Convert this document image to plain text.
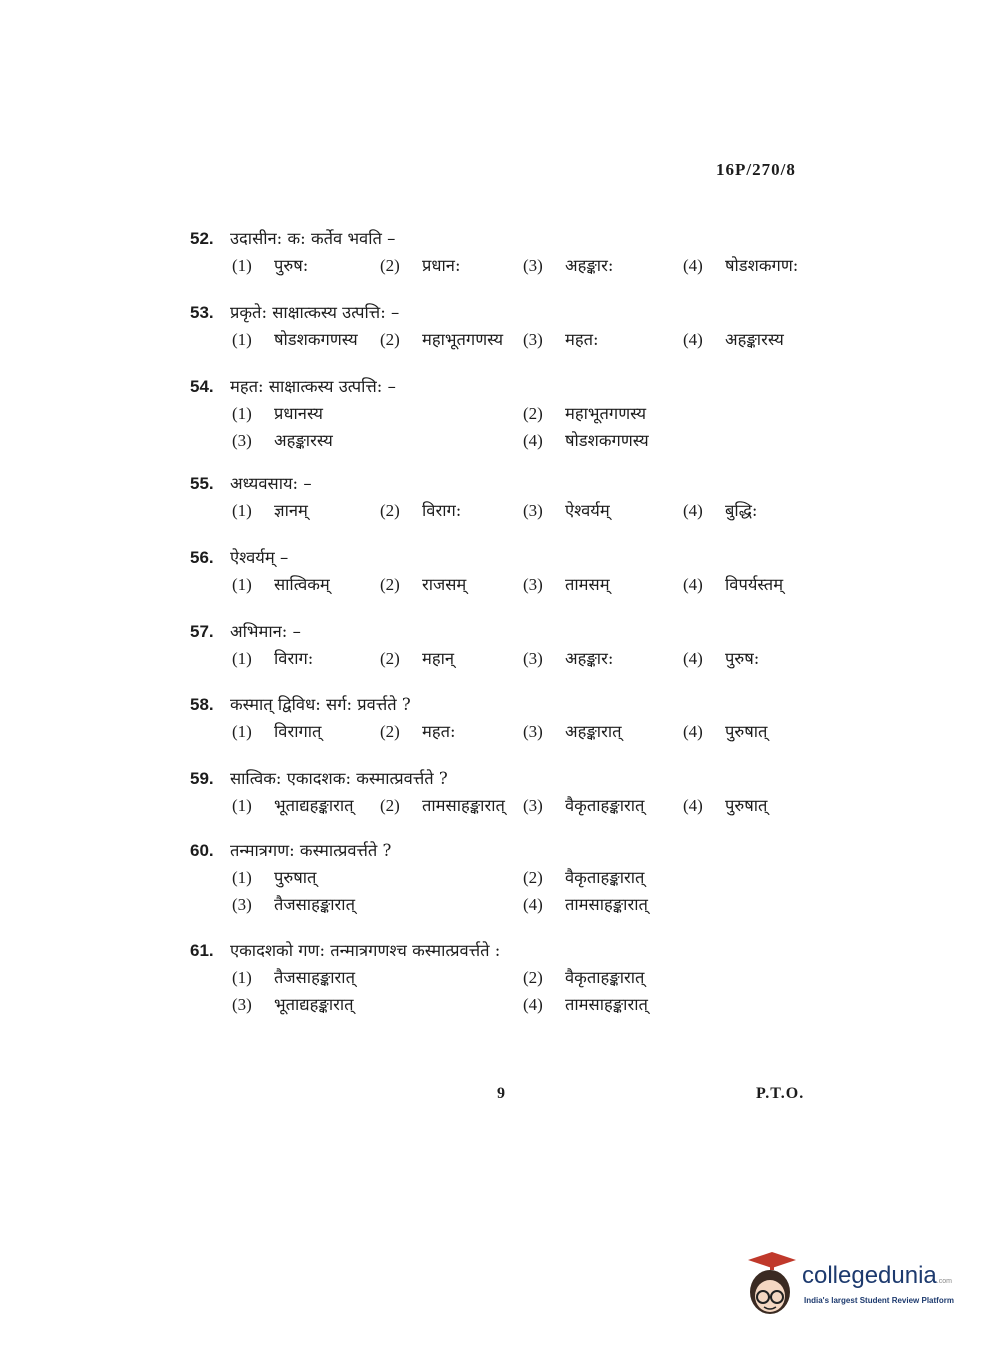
16P/270/8
52. उदासीन: क: कर्तेव भवति –
(1) पुरुष:	(2) प्रधान:	(3) अहङ्कार:	(4) षोडशकगण:
53. प्रकृते: साक्षात्कस्य उत्पत्ति: –
(1) षोडशकगणस्य (2) महाभूतगणस्य (3) महत:	(4) अहङ्कारस्य
54. महत: साक्षात्कस्य उत्पत्ति: –
(1) प्रधानस्य	(2) महाभूतगणस्य
(3) अहङ्कारस्य	(4) षोडशकगणस्य
55. अध्यवसाय: –
(1) ज्ञानम्	(2) विराग:	(3) ऐश्वर्यम्	(4) बुद्धि:
56. ऐश्वर्यम् –
(1) सात्विकम्	(2) राजसम्	(3) तामसम्	(4) विपर्यस्तम्
57. अभिमान: –
(1) विराग:	(2) महान्	(3) अहङ्कार:	(4) पुरुष:
58. कस्मात् द्विविध: सर्ग: प्रवर्त्तते ?
(1) विरागात्	(2) महत:	(3) अहङ्कारात्	(4) पुरुषात्
59. सात्विक: एकादशक: कस्मात्प्रवर्त्तते ?
(1) भूताद्यहङ्कारात् (2) तामसाहङ्कारात् (3) वैकृताहङ्कारात् (4) पुरुषात्
60. तन्मात्रगण: कस्मात्प्रवर्त्तते ?
(1) पुरुषात्	(2) वैकृताहङ्कारात्
(3) तैजसाहङ्कारात्	(4) तामसाहङ्कारात्
61. एकादशको गण: तन्मात्रगणश्च कस्मात्प्रवर्त्तते :
(1) तैजसाहङ्कारात्	(2) वैकृताहङ्कारात्
(3) भूताद्यहङ्कारात्	(4) तामसाहङ्कारात्
9	P.T.O.
collegedunia.com
India's largest Student Review Platform
